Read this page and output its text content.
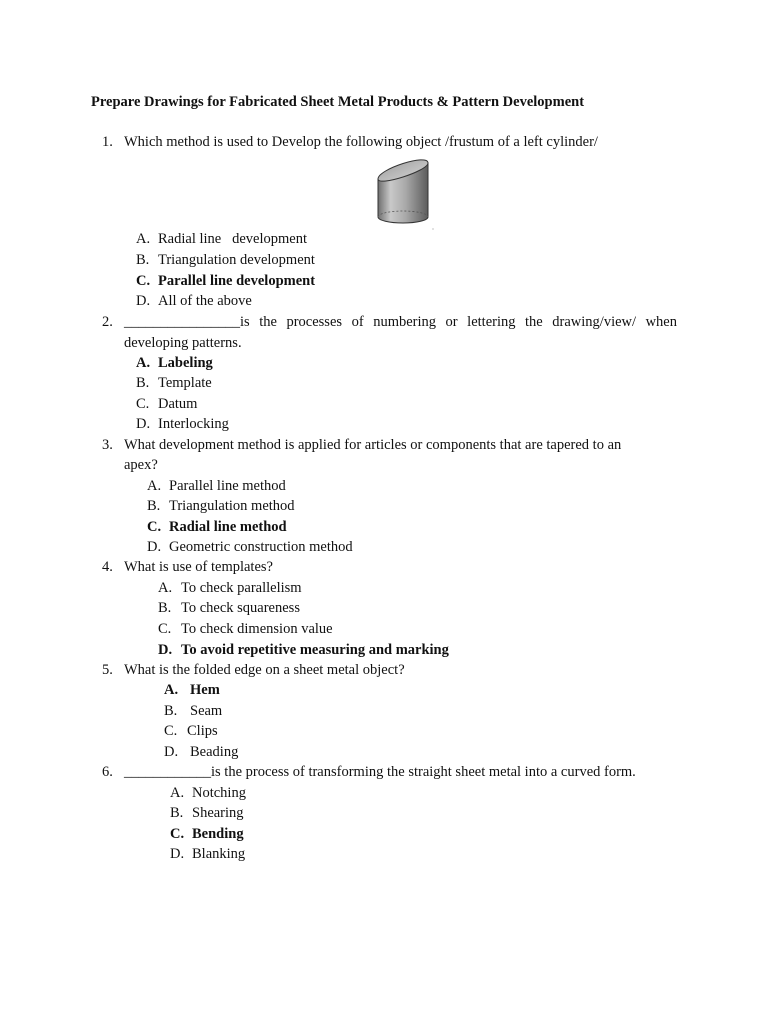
Prepare Drawings for Fabricated Sheet Metal Products & Pattern Development
1. Which method is used to Develop the following object /frustum of a left cylinder/
A. Radial line   development
B. Triangulation development
C. Parallel line development
D. All of the above
2. ________________is the processes of numbering or lettering the drawing/view/ when
developing patterns.
A. Labeling
B. Template
C. Datum
D. Interlocking
3. What development method is applied for articles or components that are tapered to an
apex?
A. Parallel line method
B. Triangulation method
C. Radial line method
D. Geometric construction method
4. What is use of templates?
A. To check parallelism
B. To check squareness
C. To check dimension value
D. To avoid repetitive measuring and marking
5. What is the folded edge on a sheet metal object?
A. Hem
B. Seam
C. Clips
D. Beading
6. ____________is the process of transforming the straight sheet metal into a curved form.
A. Notching
B. Shearing
C. Bending
D. Blanking
